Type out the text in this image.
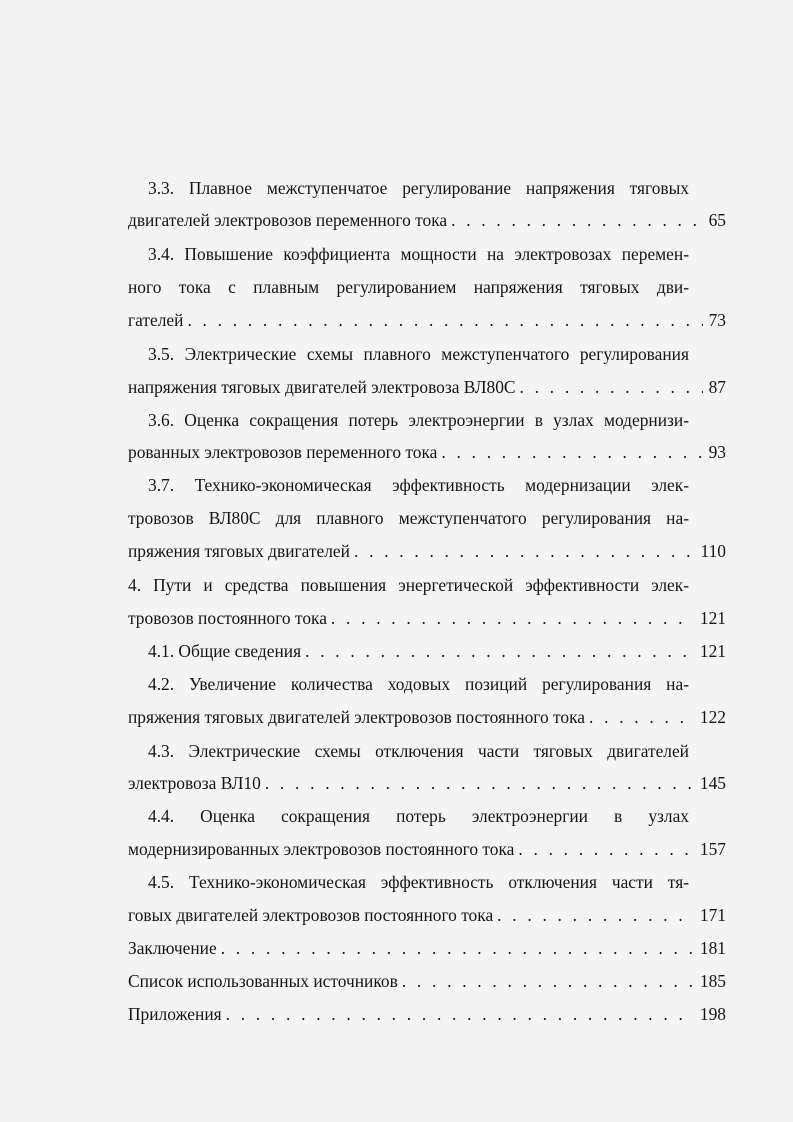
3.3. Плавное межступенчатое регулирование напряжения тяговых
двигателей электровозов переменного тока . . .	65
3.4. Повышение коэффициента мощности на электровозах перемен-
ного тока с плавным регулированием напряжения тяговых дви-
гателей . . .	73
3.5. Электрические схемы плавного межступенчатого регулирования
напряжения тяговых двигателей электровоза ВЛ80С . . .	87
3.6. Оценка сокращения потерь электроэнергии в узлах модернизи-
рованных электровозов переменного тока . . .	93
3.7. Технико-экономическая эффективность модернизации элек-
тровозов ВЛ80С для плавного межступенчатого регулирования на-
пряжения тяговых двигателей . . .	110
4. Пути и средства повышения энергетической эффективности элек-
тровозов постоянного тока . . .	121
4.1. Общие сведения . . .	121
4.2. Увеличение количества ходовых позиций регулирования на-
пряжения тяговых двигателей электровозов постоянного тока . . .	122
4.3. Электрические схемы отключения части тяговых двигателей
электровоза ВЛ10 . . .	145
4.4. Оценка сокращения потерь электроэнергии в узлах
модернизированных электровозов постоянного тока . . .	157
4.5. Технико-экономическая эффективность отключения части тя-
говых двигателей электровозов постоянного тока . . .	171
Заключение . . .	181
Список использованных источников . . .	185
Приложения . . .	198
